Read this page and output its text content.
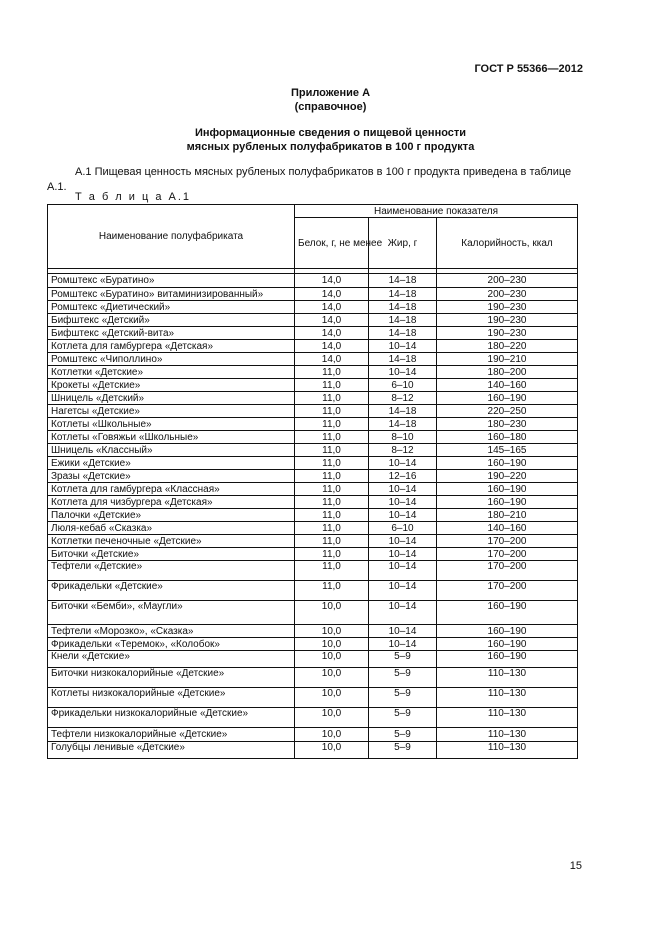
ГОСТ Р 55366—2012
Приложение А
(справочное)
Информационные сведения о пищевой ценности
мясных рубленых полуфабрикатов в 100 г продукта
А.1 Пищевая ценность мясных рубленых полуфабрикатов в 100 г продукта приведена в таблице А.1.
Т а б л и ц а А.1
Наименование полуфабриката	Наименование показателя		
	Белок, г, не менее	Жир, г	Калорийность, ккал

Ромштекс «Буратино»	14,0	14–18	200–230
Ромштекс «Буратино» витаминизированный»	14,0	14–18	200–230
Ромштекс «Диетический»	14,0	14–18	190–230
Бифштекс «Детский»	14,0	14–18	190–230
Бифштекс «Детский-вита»	14,0	14–18	190–230
Котлета для гамбургера «Детская»	14,0	10–14	180–220
Ромштекс «Чиполлино»	14,0	14–18	190–210
Котлетки «Детские»	11,0	10–14	180–200
Крокеты «Детские»	11,0	6–10	140–160
Шницель «Детский»	11,0	8–12	160–190
Нагетсы «Детские»	11,0	14–18	220–250
Котлеты «Школьные»	11,0	14–18	180–230
Котлеты «Говяжьи «Школьные»	11,0	8–10	160–180
Шницель «Классный»	11,0	8–12	145–165
Ежики «Детские»	11,0	10–14	160–190
Зразы «Детские»	11,0	12–16	190–220
Котлета для гамбургера «Классная»	11,0	10–14	160–190
Котлета для чизбургера «Детская»	11,0	10–14	160–190
Палочки «Детские»	11,0	10–14	180–210
Люля-кебаб «Сказка»	11,0	6–10	140–160
Котлетки печеночные «Детские»	11,0	10–14	170–200
Биточки «Детские»	11,0	10–14	170–200
Тефтели «Детские»	11,0	10–14	170–200
Фрикадельки «Детские»	11,0	10–14	170–200
Биточки «Бемби», «Маугли»	10,0	10–14	160–190
Тефтели «Морозко», «Сказка»	10,0	10–14	160–190
Фрикадельки «Теремок», «Колобок»	10,0	10–14	160–190
Кнели «Детские»	10,0	5–9	160–190
Биточки низкокалорийные «Детские»	10,0	5–9	110–130
Котлеты низкокалорийные «Детские»	10,0	5–9	110–130
Фрикадельки низкокалорийные «Детские»	10,0	5–9	110–130
Тефтели низкокалорийные «Детские»	10,0	5–9	110–130
Голубцы ленивые «Детские»	10,0	5–9	110–130
15
